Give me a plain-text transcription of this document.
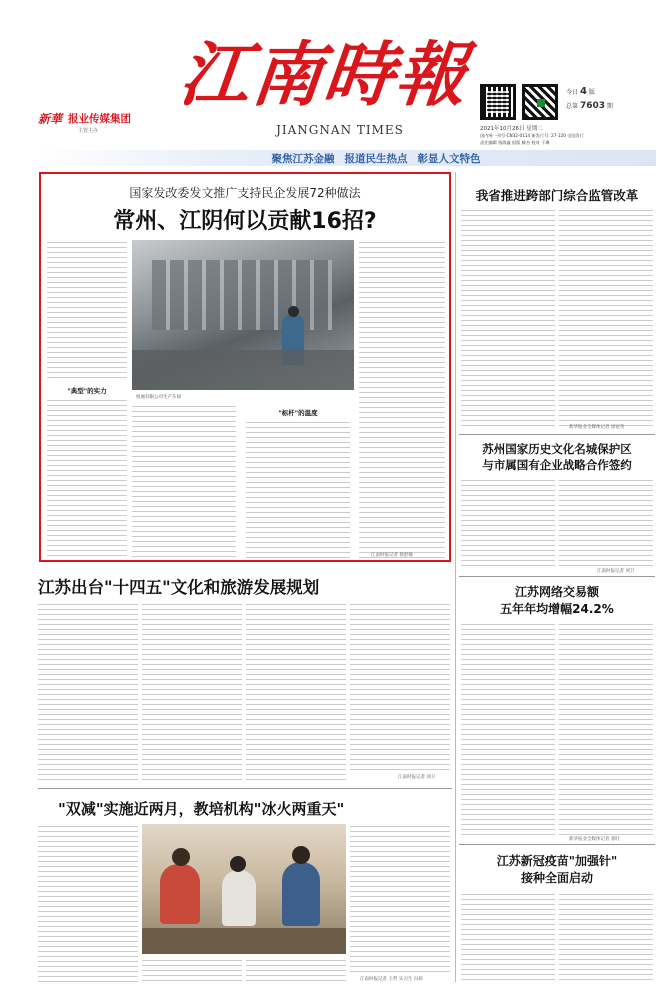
新華 报业传媒集团
主管主办
江南時報
JIANGNAN TIMES
今日 4 版
总第 7603 期
2021年10月26日 星期二
国内统一刊号-CN32-0114 新发行号: 27-120 全国发行
责任编辑 钱海鑫 组版 滕杰 校对 于琳
聚焦江苏金融 报道民生热点 彰显人文特色
国家发改委发文推广支持民企发展72种做法
常州、江阴何以贡献16招?
"典型"的实力
恒通有限公司生产车间
"标杆"的温度
江南时报记者 蔡舒敏
我省推进跨部门综合监管改革
新华报业全媒体记者 徐冠英
苏州国家历史文化名城保护区
与市属国有企业战略合作签约
江南时报记者 刘卫
江苏网络交易额
五年年均增幅24.2%
新华报业全媒体记者 郭旺
江苏新冠疫苗"加强针"
接种全面启动
江苏出台"十四五"文化和旅游发展规划
江南时报记者 刘卫
"双减"实施近两月，教培机构"冰火两重天"
江南时报记者 王哲 实习生 冯莉
